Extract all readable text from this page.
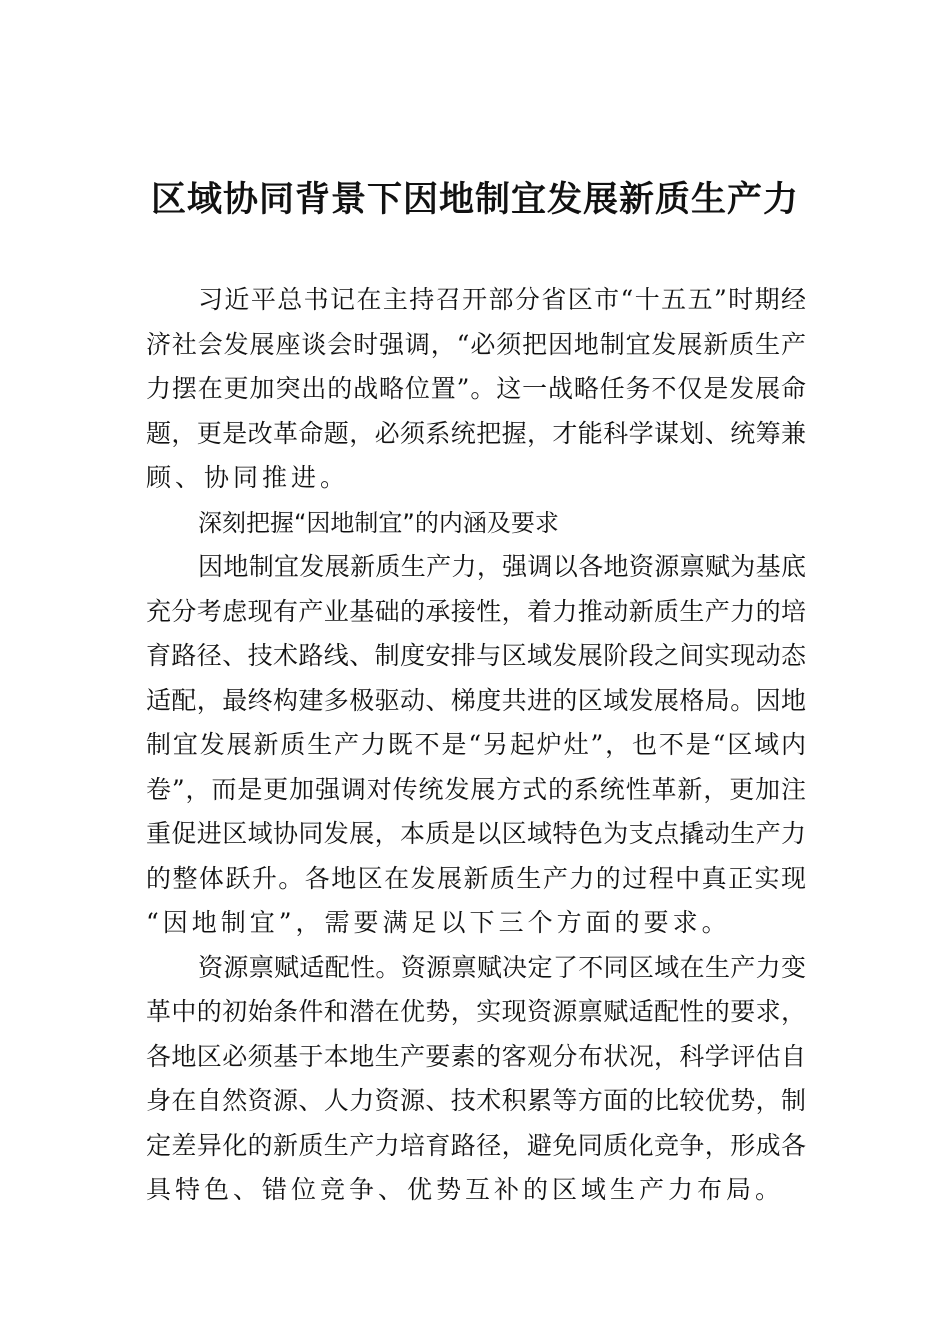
区域协同背景下因地制宜发展新质生产力
习近平总书记在主持召开部分省区市“十五五”时期经
济社会发展座谈会时强调，“必须把因地制宜发展新质生产
力摆在更加突出的战略位置”。这一战略任务不仅是发展命
题，更是改革命题，必须系统把握，才能科学谋划、统筹兼
顾、协同推进。
深刻把握“因地制宜”的内涵及要求
因地制宜发展新质生产力，强调以各地资源禀赋为基底
充分考虑现有产业基础的承接性，着力推动新质生产力的培
育路径、技术路线、制度安排与区域发展阶段之间实现动态
适配，最终构建多极驱动、梯度共进的区域发展格局。因地
制宜发展新质生产力既不是“另起炉灶”，也不是“区域内
卷”，而是更加强调对传统发展方式的系统性革新，更加注
重促进区域协同发展，本质是以区域特色为支点撬动生产力
的整体跃升。各地区在发展新质生产力的过程中真正实现
“因地制宜”，需要满足以下三个方面的要求。
资源禀赋适配性。资源禀赋决定了不同区域在生产力变
革中的初始条件和潜在优势，实现资源禀赋适配性的要求，
各地区必须基于本地生产要素的客观分布状况，科学评估自
身在自然资源、人力资源、技术积累等方面的比较优势，制
定差异化的新质生产力培育路径，避免同质化竞争，形成各
具特色、错位竞争、优势互补的区域生产力布局。
